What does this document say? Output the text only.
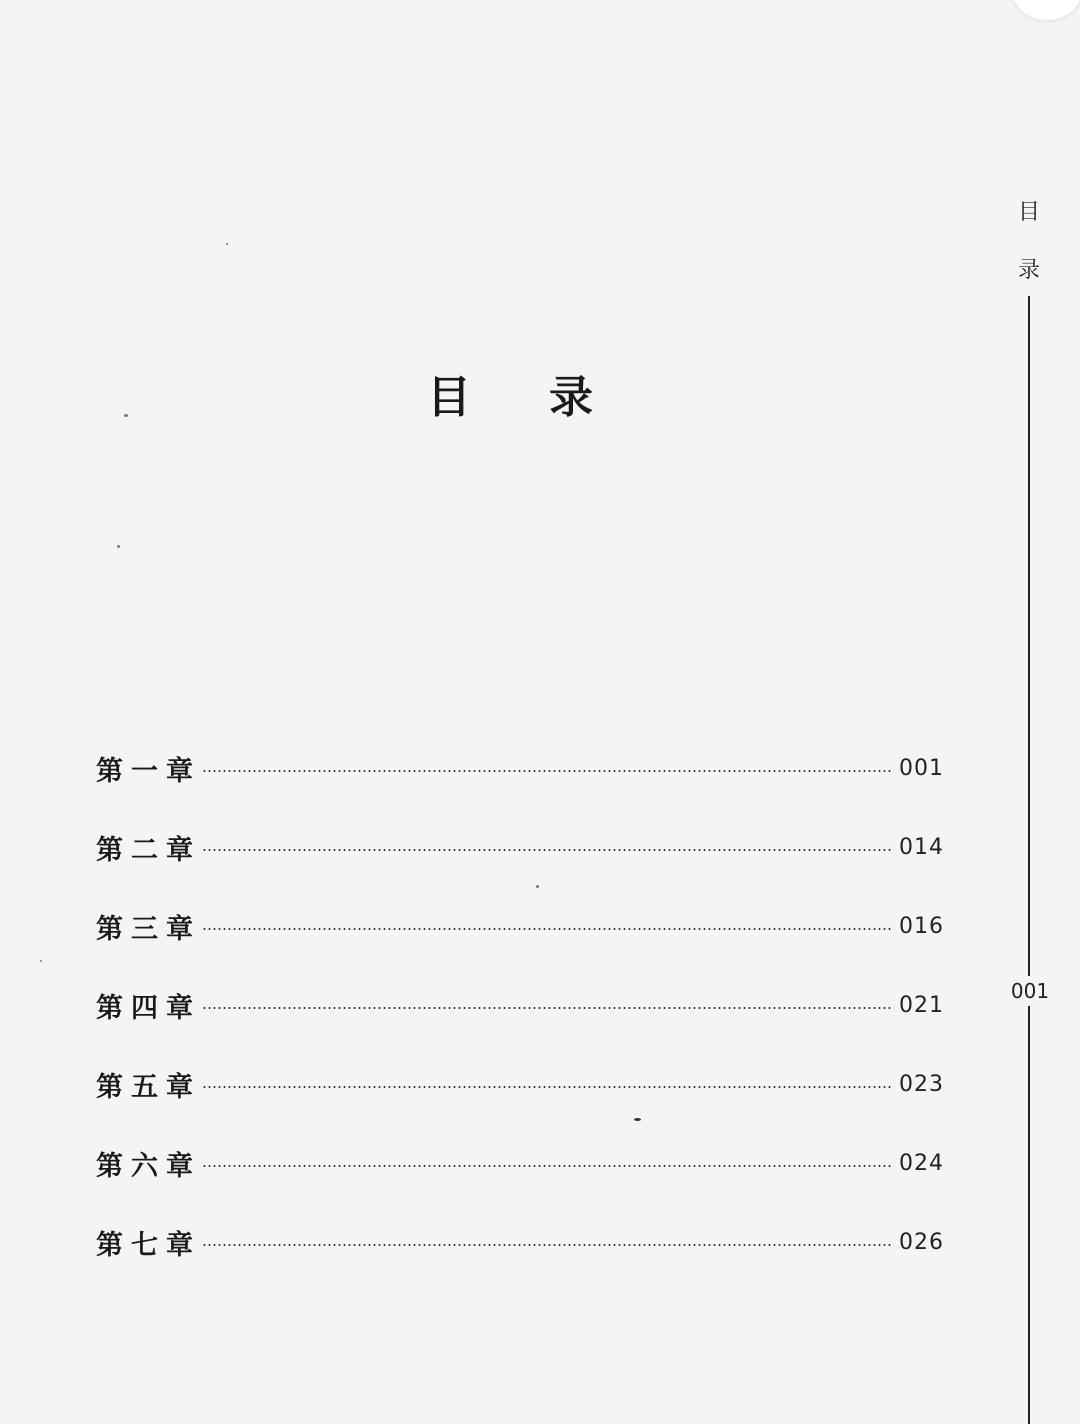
目 录
第一章	001
第二章	014
第三章	016
第四章	021
第五章	023
第六章	024
第七章	026
目
录
001
